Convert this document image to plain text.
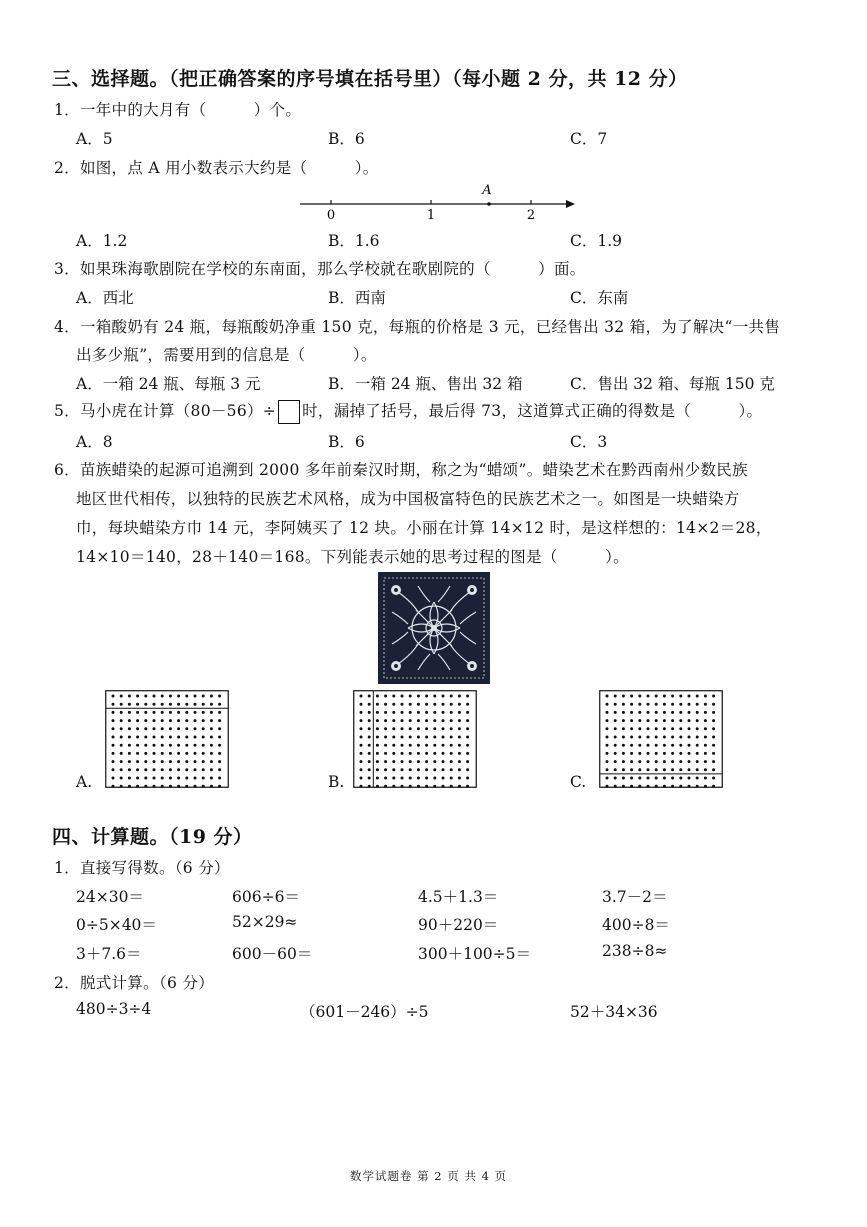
三、选择题。（把正确答案的序号填在括号里）（每小题 2 分，共 12 分）
1．一年中的大月有（　　　）个。
A．5	B．6	C．7
2．如图，点 A 用小数表示大约是（　　　）。
0	1	2
A
A．1.2	B．1.6	C．1.9
3．如果珠海歌剧院在学校的东南面，那么学校就在歌剧院的（　　　）面。
A．西北	B．西南	C．东南
4．一箱酸奶有 24 瓶，每瓶酸奶净重 150 克，每瓶的价格是 3 元，已经售出 32 箱，为了解决“一共售
出多少瓶”，需要用到的信息是（　　　）。
A．一箱 24 瓶、每瓶 3 元	B．一箱 24 瓶、售出 32 箱	C．售出 32 箱、每瓶 150 克
5．马小虎在计算（80－56）÷ 时，漏掉了括号，最后得 73，这道算式正确的得数是（　　　）。
A．8	B．6	C．3
6．苗族蜡染的起源可追溯到 2000 多年前秦汉时期，称之为“蜡颂”。蜡染艺术在黔西南州少数民族
地区世代相传，以独特的民族艺术风格，成为中国极富特色的民族艺术之一。如图是一块蜡染方
巾，每块蜡染方巾 14 元，李阿姨买了 12 块。小丽在计算 14×12 时，是这样想的：14×2＝28，
14×10＝140，28＋140＝168。下列能表示她的思考过程的图是（　　　）。
A.	B.	C.
四、计算题。（19 分）
1．直接写得数。（6 分）
24×30＝	606÷6＝	4.5＋1.3＝	3.7－2＝
0÷5×40＝	52×29≈	90＋220＝	400÷8＝
3＋7.6＝	600－60＝	300＋100÷5＝	238÷8≈
2．脱式计算。（6 分）
480÷3÷4	（601－246）÷5	52＋34×36
数学试题卷 第 2 页 共 4 页
